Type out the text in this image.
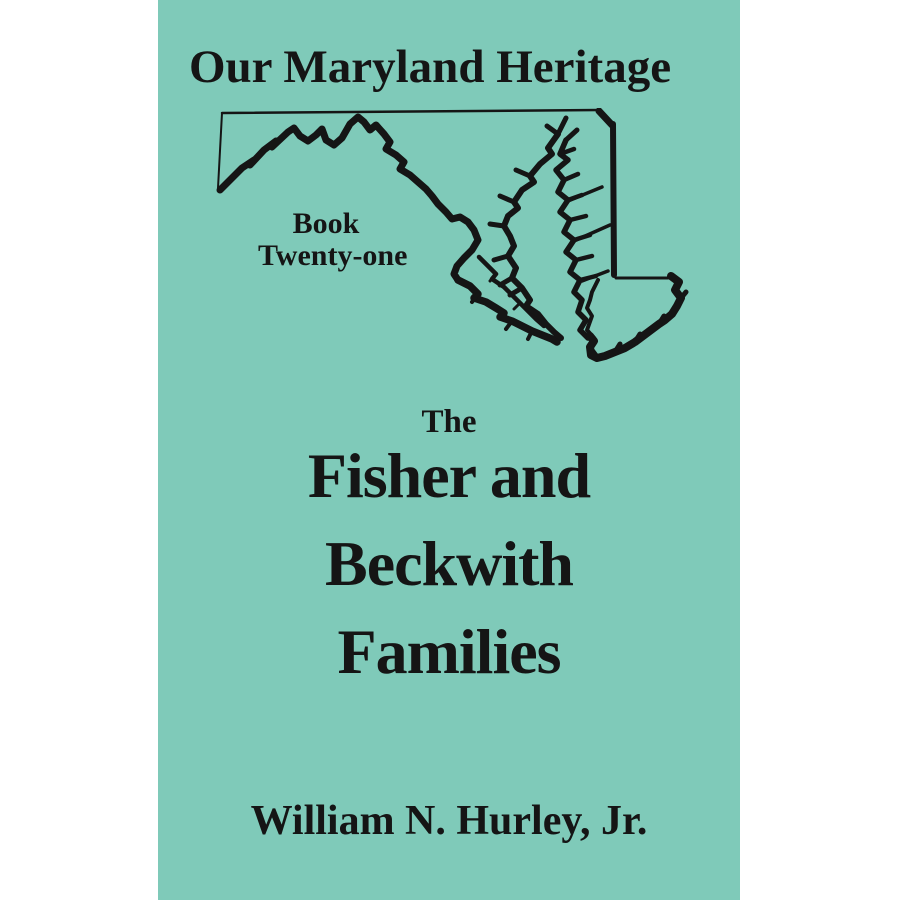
Our Maryland Heritage
Book
Twenty-one
The
Fisher and
Beckwith
Families
William N. Hurley, Jr.
